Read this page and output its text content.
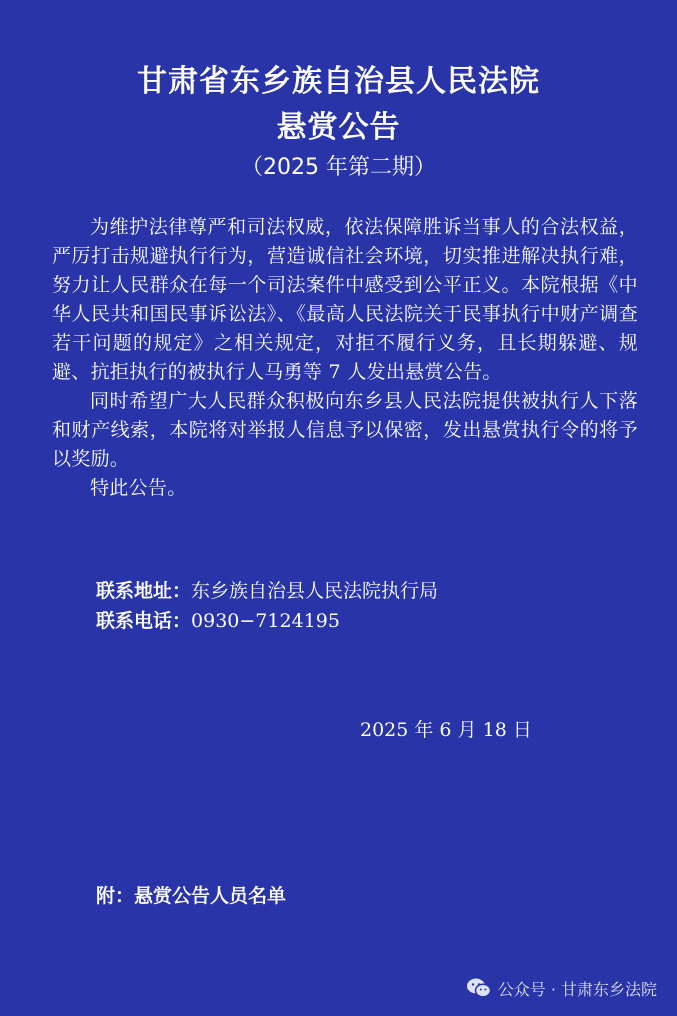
甘肃省东乡族自治县人民法院
悬赏公告
（2025 年第二期）

为维护法律尊严和司法权威，依法保障胜诉当事人的合法权益，严厉打击规避执行行为，营造诚信社会环境，切实推进解决执行难，努力让人民群众在每一个司法案件中感受到公平正义。本院根据《中华人民共和国民事诉讼法》、《最高人民法院关于民事执行中财产调查若干问题的规定》之相关规定，对拒不履行义务，且长期躲避、规避、抗拒执行的被执行人马勇等 7 人发出悬赏公告。

同时希望广大人民群众积极向东乡县人民法院提供被执行人下落和财产线索，本院将对举报人信息予以保密，发出悬赏执行令的将予以奖励。

特此公告。

联系地址：东乡族自治县人民法院执行局
联系电话：0930−7124195
2025 年 6 月 18 日
附：悬赏公告人员名单
公众号 · 甘肃东乡法院
